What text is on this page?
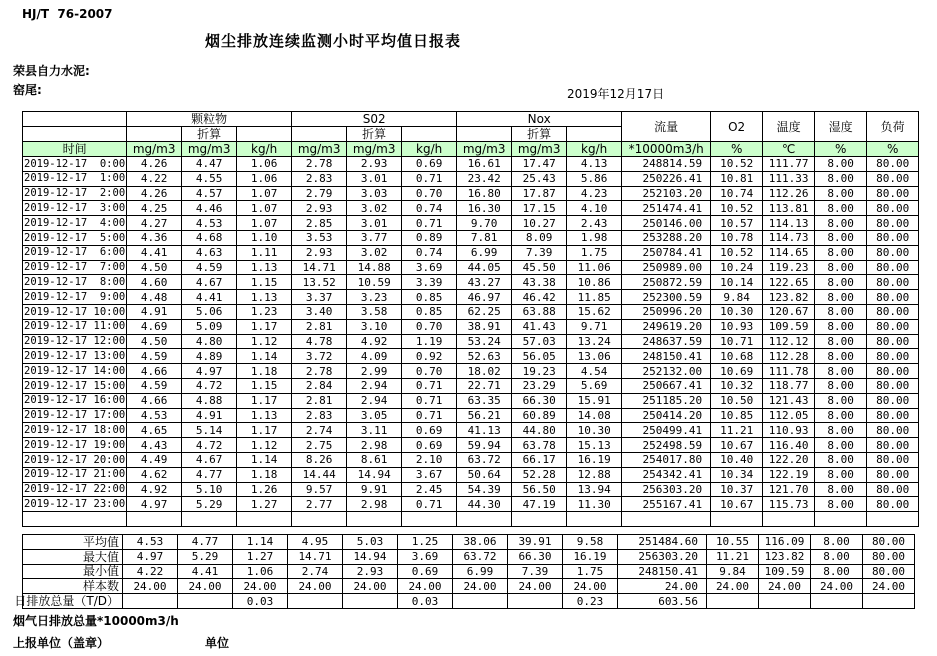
HJ/T  76-2007
烟尘排放连续监测小时平均值日报表
荣县自力水泥:
窑尾:	2019年12月17日
	颗粒物			S02			Nox			流量	O2	温度	湿度	负荷
		折算			折算			折算						
时间	mg/m3	mg/m3	kg/h	mg/m3	mg/m3	kg/h	mg/m3	mg/m3	kg/h	*10000m3/h	%	℃	%	%
2019-12-17  0:00	4.26	4.47	1.06	2.78	2.93	0.69	16.61	17.47	4.13	248814.59	10.52	111.77	8.00	80.00
2019-12-17  1:00	4.22	4.55	1.06	2.83	3.01	0.71	23.42	25.43	5.86	250226.41	10.81	111.33	8.00	80.00
2019-12-17  2:00	4.26	4.57	1.07	2.79	3.03	0.70	16.80	17.87	4.23	252103.20	10.74	112.26	8.00	80.00
2019-12-17  3:00	4.25	4.46	1.07	2.93	3.02	0.74	16.30	17.15	4.10	251474.41	10.52	113.81	8.00	80.00
2019-12-17  4:00	4.27	4.53	1.07	2.85	3.01	0.71	9.70	10.27	2.43	250146.00	10.57	114.13	8.00	80.00
2019-12-17  5:00	4.36	4.68	1.10	3.53	3.77	0.89	7.81	8.09	1.98	253288.20	10.78	114.73	8.00	80.00
2019-12-17  6:00	4.41	4.63	1.11	2.93	3.02	0.74	6.99	7.39	1.75	250784.41	10.52	114.65	8.00	80.00
2019-12-17  7:00	4.50	4.59	1.13	14.71	14.88	3.69	44.05	45.50	11.06	250989.00	10.24	119.23	8.00	80.00
2019-12-17  8:00	4.60	4.67	1.15	13.52	10.59	3.39	43.27	43.38	10.86	250872.59	10.14	122.65	8.00	80.00
2019-12-17  9:00	4.48	4.41	1.13	3.37	3.23	0.85	46.97	46.42	11.85	252300.59	9.84	123.82	8.00	80.00
2019-12-17 10:00	4.91	5.06	1.23	3.40	3.58	0.85	62.25	63.88	15.62	250996.20	10.30	120.67	8.00	80.00
2019-12-17 11:00	4.69	5.09	1.17	2.81	3.10	0.70	38.91	41.43	9.71	249619.20	10.93	109.59	8.00	80.00
2019-12-17 12:00	4.50	4.80	1.12	4.78	4.92	1.19	53.24	57.03	13.24	248637.59	10.71	112.12	8.00	80.00
2019-12-17 13:00	4.59	4.89	1.14	3.72	4.09	0.92	52.63	56.05	13.06	248150.41	10.68	112.28	8.00	80.00
2019-12-17 14:00	4.66	4.97	1.18	2.78	2.99	0.70	18.02	19.23	4.54	252132.00	10.69	111.78	8.00	80.00
2019-12-17 15:00	4.59	4.72	1.15	2.84	2.94	0.71	22.71	23.29	5.69	250667.41	10.32	118.77	8.00	80.00
2019-12-17 16:00	4.66	4.88	1.17	2.81	2.94	0.71	63.35	66.30	15.91	251185.20	10.50	121.43	8.00	80.00
2019-12-17 17:00	4.53	4.91	1.13	2.83	3.05	0.71	56.21	60.89	14.08	250414.20	10.85	112.05	8.00	80.00
2019-12-17 18:00	4.65	5.14	1.17	2.74	3.11	0.69	41.13	44.80	10.30	250499.41	11.21	110.93	8.00	80.00
2019-12-17 19:00	4.43	4.72	1.12	2.75	2.98	0.69	59.94	63.78	15.13	252498.59	10.67	116.40	8.00	80.00
2019-12-17 20:00	4.49	4.67	1.14	8.26	8.61	2.10	63.72	66.17	16.19	254017.80	10.40	122.20	8.00	80.00
2019-12-17 21:00	4.62	4.77	1.18	14.44	14.94	3.67	50.64	52.28	12.88	254342.41	10.34	122.19	8.00	80.00
2019-12-17 22:00	4.92	5.10	1.26	9.57	9.91	2.45	54.39	56.50	13.94	256303.20	10.37	121.70	8.00	80.00
2019-12-17 23:00	4.97	5.29	1.27	2.77	2.98	0.71	44.30	47.19	11.30	255167.41	10.67	115.73	8.00	80.00

平均值	4.53	4.77	1.14	4.95	5.03	1.25	38.06	39.91	9.58	251484.60	10.55	116.09	8.00	80.00

最大值	4.97	5.29	1.27	14.71	14.94	3.69	63.72	66.30	16.19	256303.20	11.21	123.82	8.00	80.00

最小值	4.22	4.41	1.06	2.74	2.93	0.69	6.99	7.39	1.75	248150.41	9.84	109.59	8.00	80.00

样本数	24.00	24.00	24.00	24.00	24.00	24.00	24.00	24.00	24.00	24.00	24.00	24.00	24.00	24.00

日排放总量（T/D）			0.03			0.03			0.23	603.56				
烟气日排放总量*10000m3/h
上报单位（盖章）	单位
